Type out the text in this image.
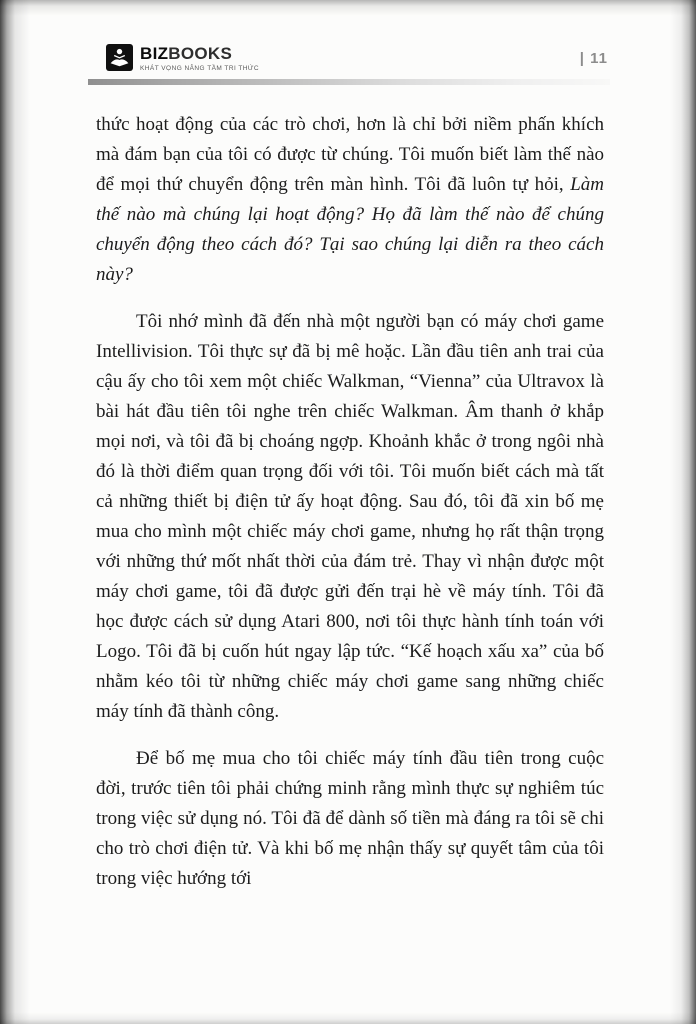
BIZBOOKS
KHÁT VỌNG NÂNG TẦM TRI THỨC
| 11

thức hoạt động của các trò chơi, hơn là chỉ bởi niềm phấn khích mà đám bạn của tôi có được từ chúng. Tôi muốn biết làm thế nào để mọi thứ chuyển động trên màn hình. Tôi đã luôn tự hỏi, Làm thế nào mà chúng lại hoạt động? Họ đã làm thế nào để chúng chuyển động theo cách đó? Tại sao chúng lại diễn ra theo cách này?

Tôi nhớ mình đã đến nhà một người bạn có máy chơi game Intellivision. Tôi thực sự đã bị mê hoặc. Lần đầu tiên anh trai của cậu ấy cho tôi xem một chiếc Walkman, “Vienna” của Ultravox là bài hát đầu tiên tôi nghe trên chiếc Walkman. Âm thanh ở khắp mọi nơi, và tôi đã bị choáng ngợp. Khoảnh khắc ở trong ngôi nhà đó là thời điểm quan trọng đối với tôi. Tôi muốn biết cách mà tất cả những thiết bị điện tử ấy hoạt động. Sau đó, tôi đã xin bố mẹ mua cho mình một chiếc máy chơi game, nhưng họ rất thận trọng với những thứ mốt nhất thời của đám trẻ. Thay vì nhận được một máy chơi game, tôi đã được gửi đến trại hè về máy tính. Tôi đã học được cách sử dụng Atari 800, nơi tôi thực hành tính toán với Logo. Tôi đã bị cuốn hút ngay lập tức. “Kế hoạch xấu xa” của bố nhằm kéo tôi từ những chiếc máy chơi game sang những chiếc máy tính đã thành công.

Để bố mẹ mua cho tôi chiếc máy tính đầu tiên trong cuộc đời, trước tiên tôi phải chứng minh rằng mình thực sự nghiêm túc trong việc sử dụng nó. Tôi đã để dành số tiền mà đáng ra tôi sẽ chi cho trò chơi điện tử. Và khi bố mẹ nhận thấy sự quyết tâm của tôi trong việc hướng tới
